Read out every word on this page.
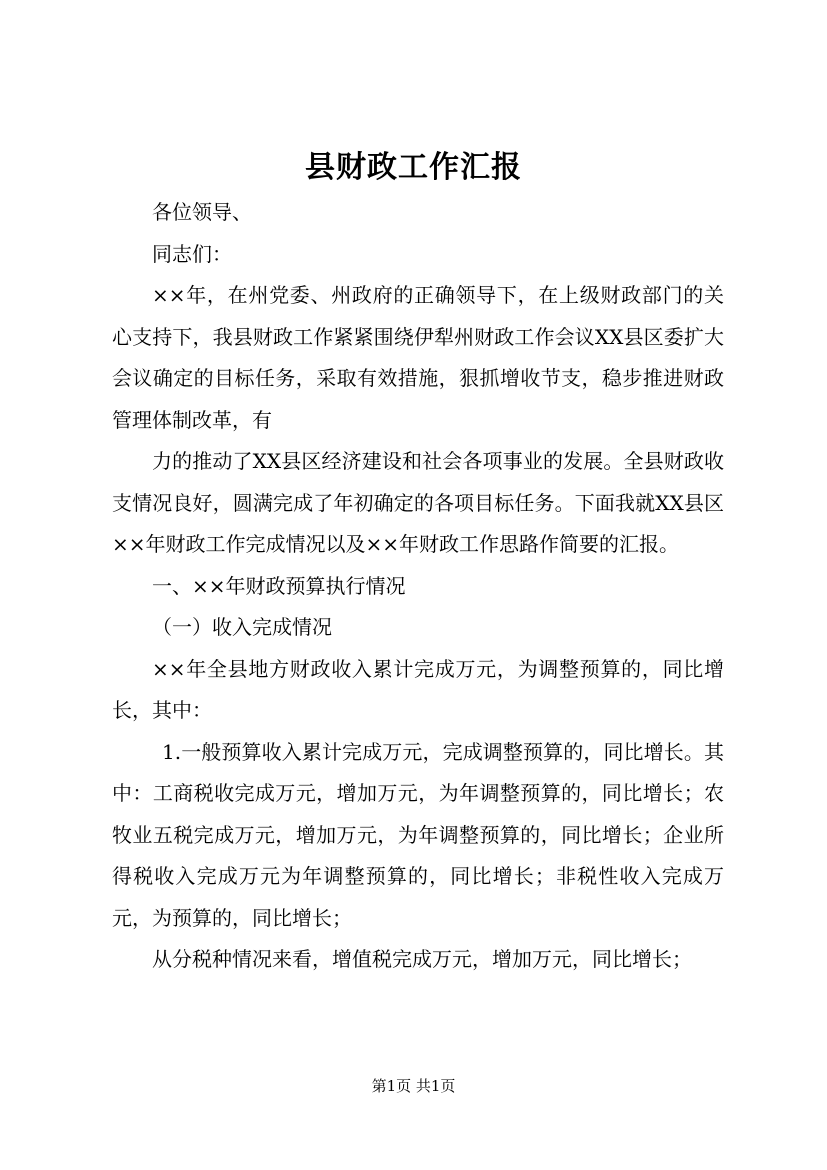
县财政工作汇报

各位领导、

同志们：

××年，在州党委、州政府的正确领导下，在上级财政部门的关心支持下，我县财政工作紧紧围绕伊犁州财政工作会议XX县区委扩大会议确定的目标任务，采取有效措施，狠抓增收节支，稳步推进财政管理体制改革，有

力的推动了XX县区经济建设和社会各项事业的发展。全县财政收支情况良好，圆满完成了年初确定的各项目标任务。下面我就XX县区××年财政工作完成情况以及××年财政工作思路作简要的汇报。

一、××年财政预算执行情况

（一）收入完成情况

××年全县地方财政收入累计完成万元，为调整预算的，同比增长，其中：

1.一般预算收入累计完成万元，完成调整预算的，同比增长。其中：工商税收完成万元，增加万元，为年调整预算的，同比增长；农牧业五税完成万元，增加万元，为年调整预算的，同比增长；企业所得税收入完成万元为年调整预算的，同比增长；非税性收入完成万元，为预算的，同比增长；

从分税种情况来看，增值税完成万元，增加万元，同比增长；

第1页 共1页
